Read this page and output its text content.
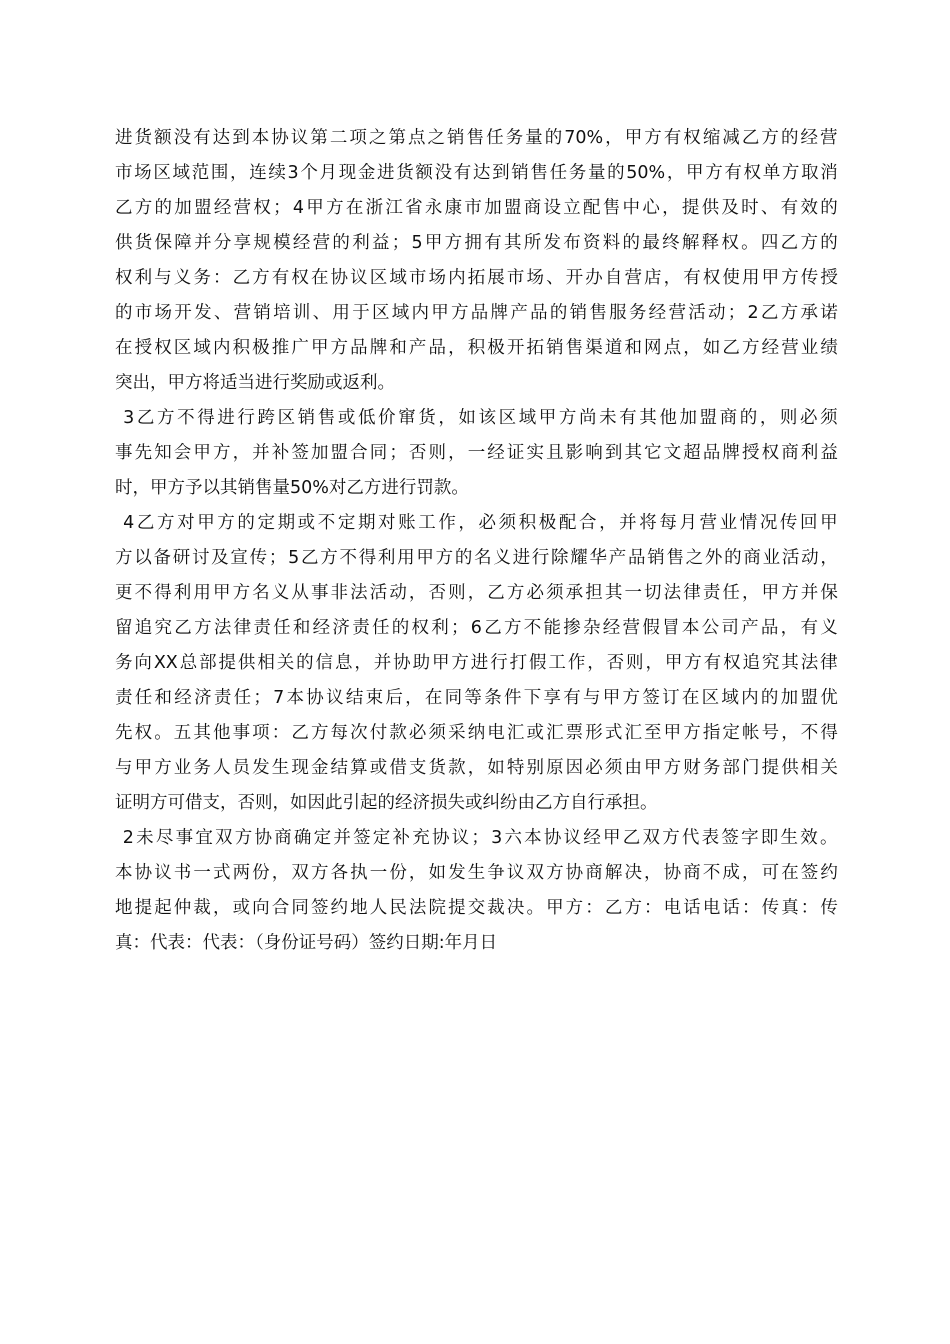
进 货 额 没 有 达 到 本 协 议 第 二 项 之 第 点 之 销 售 任 务 量 的 70% ， 甲 方 有 权 缩 减 乙 方 的 经 营
市 场 区 域 范 围 ， 连 续 3 个 月 现 金 进 货 额 没 有 达 到 销 售 任 务 量 的 50% ， 甲 方 有 权 单 方 取 消
乙 方 的 加 盟 经 营 权 ； 4 甲 方 在 浙 江 省 永 康 市 加 盟 商 设 立 配 售 中 心 ， 提 供 及 时 、 有 效 的
供 货 保 障 并 分 享 规 模 经 营 的 利 益 ； 5 甲 方 拥 有 其 所 发 布 资 料 的 最 终 解 释 权 。 四 乙 方 的
权 利 与 义 务 ： 乙 方 有 权 在 协 议 区 域 市 场 内 拓 展 市 场 、 开 办 自 营 店 ， 有 权 使 用 甲 方 传 授
的 市 场 开 发 、 营 销 培 训 、 用 于 区 域 内 甲 方 品 牌 产 品 的 销 售 服 务 经 营 活 动 ； 2 乙 方 承 诺
在 授 权 区 域 内 积 极 推 广 甲 方 品 牌 和 产 品 ， 积 极 开 拓 销 售 渠 道 和 网 点 ， 如 乙 方 经 营 业 绩
突出，甲方将适当进行奖励或返利。

3 乙 方 不 得 进 行 跨 区 销 售 或 低 价 窜 货 ， 如 该 区 域 甲 方 尚 未 有 其 他 加 盟 商 的 ， 则 必 须
事 先 知 会 甲 方 ， 并 补 签 加 盟 合 同 ； 否 则 ， 一 经 证 实 且 影 响 到 其 它 文 超 品 牌 授 权 商 利 益
时，甲方予以其销售量50%对乙方进行罚款。

4 乙 方 对 甲 方 的 定 期 或 不 定 期 对 账 工 作 ， 必 须 积 极 配 合 ， 并 将 每 月 营 业 情 况 传 回 甲
方 以 备 研 讨 及 宣 传 ； 5 乙 方 不 得 利 用 甲 方 的 名 义 进 行 除 耀 华 产 品 销 售 之 外 的 商 业 活 动 ，
更 不 得 利 用 甲 方 名 义 从 事 非 法 活 动 ， 否 则 ， 乙 方 必 须 承 担 其 一 切 法 律 责 任 ， 甲 方 并 保
留 追 究 乙 方 法 律 责 任 和 经 济 责 任 的 权 利 ； 6 乙 方 不 能 掺 杂 经 营 假 冒 本 公 司 产 品 ， 有 义
务 向 XX 总 部 提 供 相 关 的 信 息 ， 并 协 助 甲 方 进 行 打 假 工 作 ， 否 则 ， 甲 方 有 权 追 究 其 法 律
责 任 和 经 济 责 任 ； 7 本 协 议 结 束 后 ， 在 同 等 条 件 下 享 有 与 甲 方 签 订 在 区 域 内 的 加 盟 优
先 权 。 五 其 他 事 项 ： 乙 方 每 次 付 款 必 须 采 纳 电 汇 或 汇 票 形 式 汇 至 甲 方 指 定 帐 号 ， 不 得
与 甲 方 业 务 人 员 发 生 现 金 结 算 或 借 支 货 款 ， 如 特 别 原 因 必 须 由 甲 方 财 务 部 门 提 供 相 关
证明方可借支，否则，如因此引起的经济损失或纠纷由乙方自行承担。

2 未 尽 事 宜 双 方 协 商 确 定 并 签 定 补 充 协 议 ； 3 六 本 协 议 经 甲 乙 双 方 代 表 签 字 即 生 效 。
本 协 议 书 一 式 两 份 ， 双 方 各 执 一 份 ， 如 发 生 争 议 双 方 协 商 解 决 ， 协 商 不 成 ， 可 在 签 约
地 提 起 仲 裁 ， 或 向 合 同 签 约 地 人 民 法 院 提 交 裁 决 。 甲 方 ： 乙 方 ： 电 话 电 话 ： 传 真 ： 传
真：代表：代表：（身份证号码）签约日期:年月日
